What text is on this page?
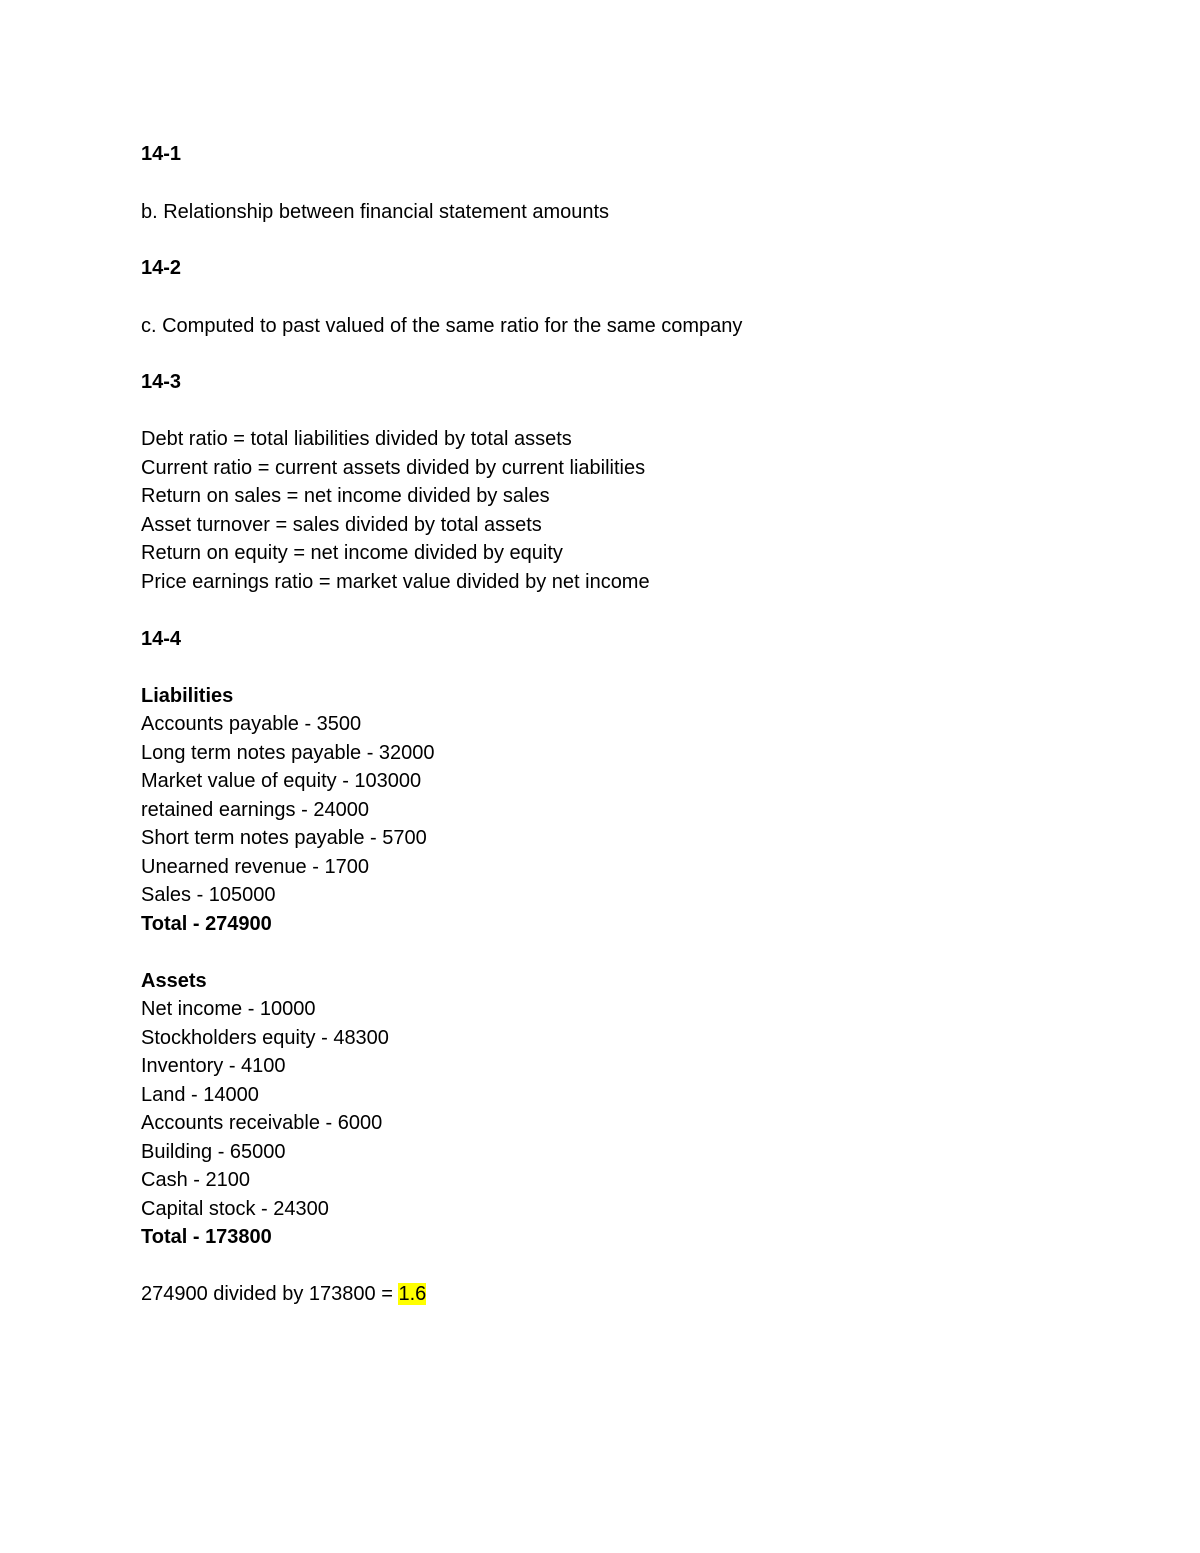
14-1
b. Relationship between financial statement amounts
14-2
c. Computed to past valued of the same ratio for the same company
14-3
Debt ratio = total liabilities divided by total assets
Current ratio = current assets divided by current liabilities
Return on sales = net income divided by sales
Asset turnover = sales divided by total assets
Return on equity = net income divided by equity
Price earnings ratio = market value divided by net income
14-4
Liabilities
Accounts payable - 3500
Long term notes payable - 32000
Market value of equity - 103000
retained earnings - 24000
Short term notes payable - 5700
Unearned revenue - 1700
Sales - 105000
Total - 274900
Assets
Net income - 10000
Stockholders equity - 48300
Inventory - 4100
Land - 14000
Accounts receivable - 6000
Building - 65000
Cash - 2100
Capital stock - 24300
Total - 173800
274900 divided by 173800 = 1.6
